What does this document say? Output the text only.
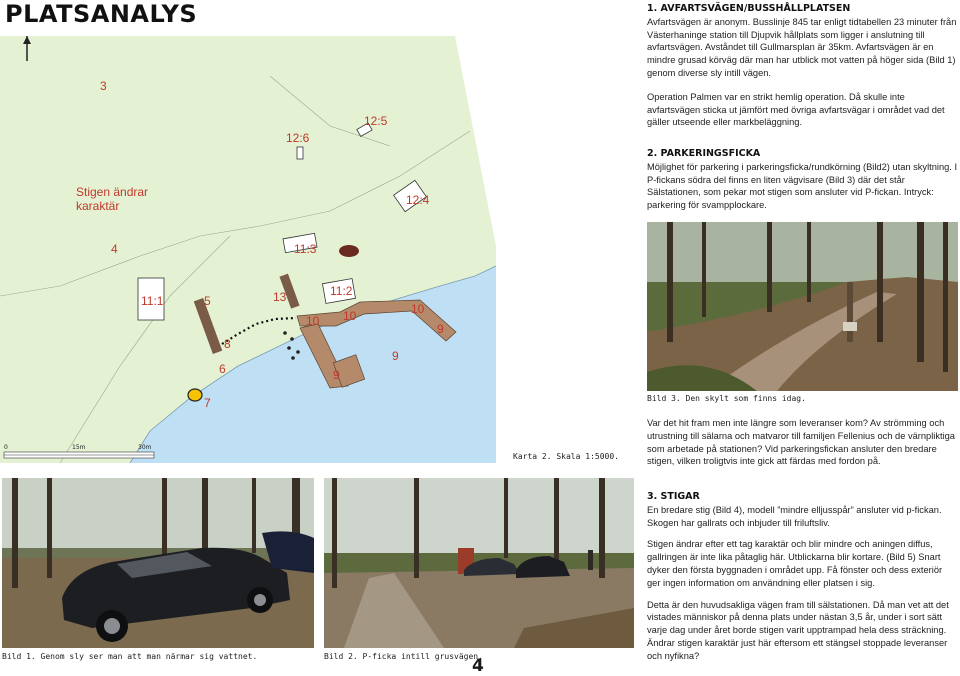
PLATSANALYS
3
12:6
12:5
Stigen ändrar
karaktär	12:4
4	11:3
11:1	5	13	11:2
10 10	10
9
8
6
9
9
7
0	15m	30m
Karta 2. Skala 1:5000.
1. AVFARTSVÄGEN/BUSSHÅLLPLATSEN

Avfartsvägen är anonym. Busslinje 845 tar enligt tidtabellen 23 minuter från Västerhaninge station till Djupvik hållplats som ligger i anslutning till avfartsvägen. Avståndet till Gullmarsplan är 35km. Avfartsvägen är en mindre grusad körväg där man har utblick mot vatten på höger sida (Bild 1) genom diverse sly intill vägen.

Operation Palmen var en strikt hemlig operation. Då skulle inte avfartsvägen sticka ut jämfört med övriga avfartsvägar i området vad det gäller utseende eller markbeläggning.

2. PARKERINGSFICKA

Möjlighet för parkering i parkeringsficka/rundkörning (Bild2) utan skyltning. I P-fickans södra del finns en liten vägvisare (Bild 3) där det står Sälstationen, som pekar mot stigen som ansluter vid P-fickan. Intryck: parkering för svampplockare.

Bild 3. Den skylt som finns idag.

Var det hit fram men inte längre som leveranser kom? Av strömming och utrustning till sälarna och matvaror till familjen Fellenius och de värnpliktiga som arbetade på stationen? Vid parkeringsfickan ansluter den bredare stigen, vilken troligtvis inte gick att färdas med fordon på.

3. STIGAR

En bredare stig (Bild 4), modell ”mindre elljusspår” ansluter vid p-fickan. Skogen har gallrats och inbjuder till friluftsliv.

Stigen ändrar efter ett tag karaktär och blir mindre och aningen diffus, gallringen är inte lika påtaglig här. Utblickarna blir kortare. (Bild 5) Snart dyker den första byggnaden i området upp. Få fönster och dess exteriör ger ingen information om användning eller platsen i sig.

Detta är den huvudsakliga vägen fram till sälstationen. Då man vet att det vistades människor på denna plats under nästan 3,5 år, under i sort sätt varje dag under året borde stigen varit upptrampad hela dess sträckning. Ändrar stigen karaktär just här eftersom ett stängsel stoppade leveranser och nyfikna?

Bild 1. Genom sly ser man att man närmar sig vattnet.	Bild 2. P-ficka intill grusvägen.
4
